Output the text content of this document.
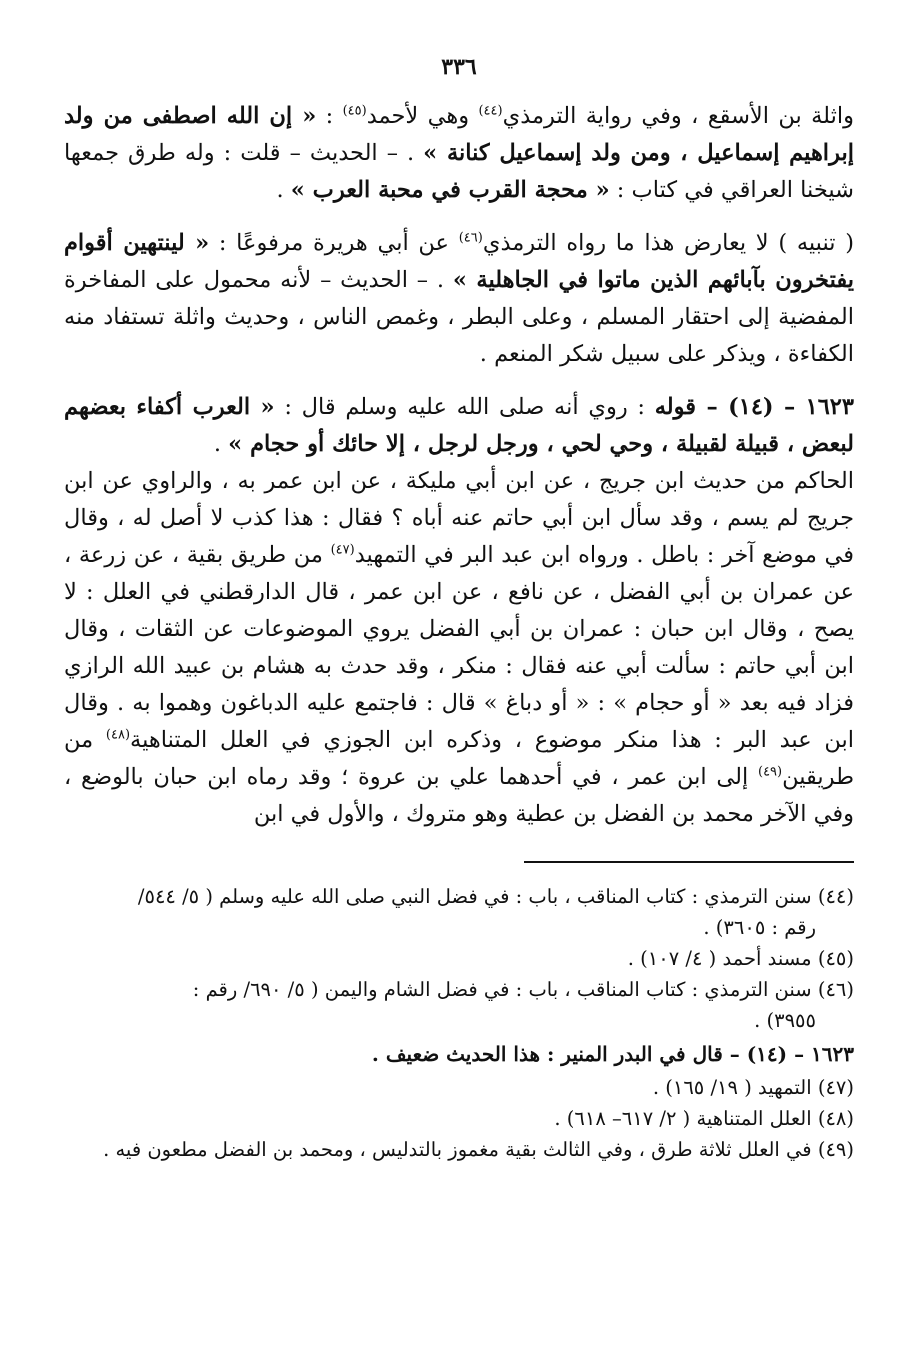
٣٣٦

واثلة بن الأسقع ، وفي رواية الترمذي$^{(٤٤)}$ وهي لأحمد$^{(٤٥)}$ : « إن الله اصطفى من ولد إبراهيم إسماعيل ، ومن ولد إسماعيل كنانة » . – الحديث – قلت : وله طرق جمعها شيخنا العراقي في كتاب : « محجة القرب في محبة العرب » .

( تنبيه ) لا يعارض هذا ما رواه الترمذي$^{(٤٦)}$ عن أبي هريرة مرفوعًا : « لينتهين أقوام يفتخرون بآبائهم الذين ماتوا في الجاهلية » . – الحديث – لأنه محمول على المفاخرة المفضية إلى احتقار المسلم ، وعلى البطر ، وغمص الناس ، وحديث واثلة تستفاد منه الكفاءة ، ويذكر على سبيل شكر المنعم .

١٦٢٣ – (١٤) – قوله : روي أنه صلى الله عليه وسلم قال : « العرب أكفاء بعضهم لبعض ، قبيلة لقبيلة ، وحي لحي ، ورجل لرجل ، إلا حائك أو حجام » .

الحاكم من حديث ابن جريج ، عن ابن أبي مليكة ، عن ابن عمر به ، والراوي عن ابن جريج لم يسم ، وقد سأل ابن أبي حاتم عنه أباه ؟ فقال : هذا كذب لا أصل له ، وقال في موضع آخر : باطل . ورواه ابن عبد البر في التمهيد$^{(٤٧)}$ من طريق بقية ، عن زرعة ، عن عمران بن أبي الفضل ، عن نافع ، عن ابن عمر ، قال الدارقطني في العلل : لا يصح ، وقال ابن حبان : عمران بن أبي الفضل يروي الموضوعات عن الثقات ، وقال ابن أبي حاتم : سألت أبي عنه فقال : منكر ، وقد حدث به هشام بن عبيد الله الرازي فزاد فيه بعد « أو حجام » : « أو دباغ » قال : فاجتمع عليه الدباغون وهموا به . وقال ابن عبد البر : هذا منكر موضوع ، وذكره ابن الجوزي في العلل المتناهية$^{(٤٨)}$ من طريقين$^{(٤٩)}$ إلى ابن عمر ، في أحدهما علي بن عروة ؛ وقد رماه ابن حبان بالوضع ، وفي الآخر محمد بن الفضل بن عطية وهو متروك ، والأول في ابن

(٤٤) سنن الترمذي : كتاب المناقب ، باب : في فضل النبي صلى الله عليه وسلم ( ٥/ ٥٤٤/
رقم : ٣٦٠٥) .

(٤٥) مسند أحمد ( ٤/ ١٠٧) .

(٤٦) سنن الترمذي : كتاب المناقب ، باب : في فضل الشام واليمن ( ٥/ ٦٩٠/ رقم :
٣٩٥٥) .

١٦٢٣ – (١٤) – قال في البدر المنير : هذا الحديث ضعيف .

(٤٧) التمهيد ( ١٩/ ١٦٥) .

(٤٨) العلل المتناهية ( ٢/ ٦١٧– ٦١٨) .

(٤٩) في العلل ثلاثة طرق ، وفي الثالث بقية مغموز بالتدليس ، ومحمد بن الفضل مطعون فيه .
